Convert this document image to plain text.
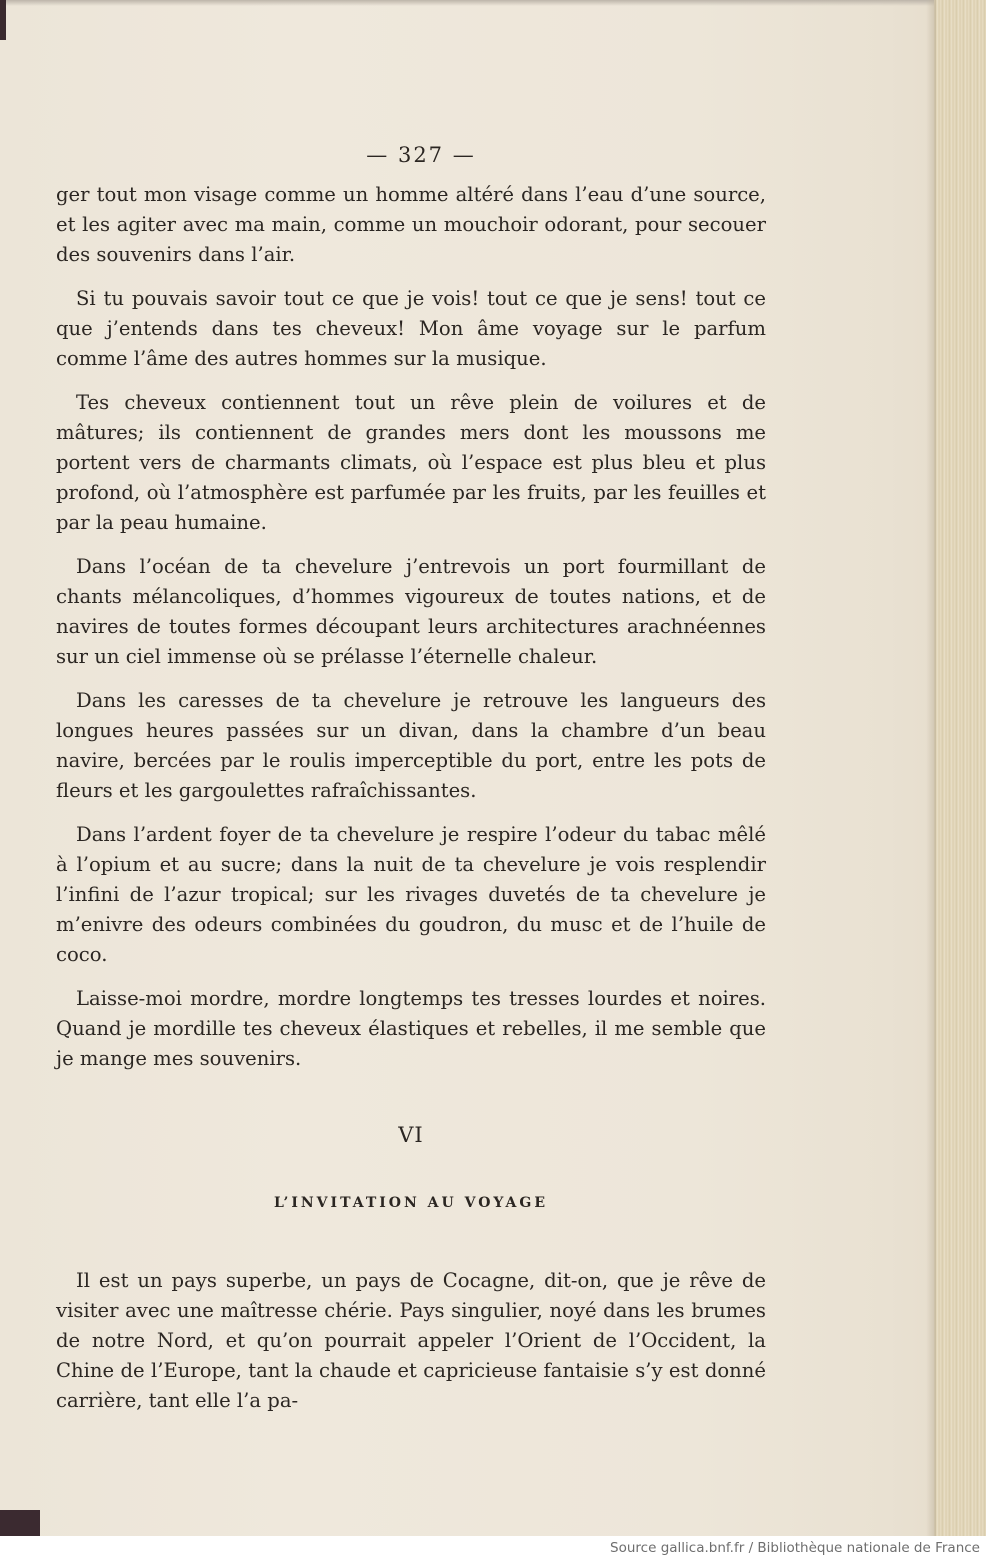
— 327 —

ger tout mon visage comme un homme altéré dans l’eau d’une source, et les agiter avec ma main, comme un mouchoir odorant, pour secouer des souvenirs dans l’air.

Si tu pouvais savoir tout ce que je vois! tout ce que je sens! tout ce que j’entends dans tes cheveux! Mon âme voyage sur le parfum comme l’âme des autres hommes sur la musique.

Tes cheveux contiennent tout un rêve plein de voilures et de mâtures; ils contiennent de grandes mers dont les moussons me portent vers de charmants climats, où l’espace est plus bleu et plus profond, où l’atmosphère est parfumée par les fruits, par les feuilles et par la peau humaine.

Dans l’océan de ta chevelure j’entrevois un port fourmillant de chants mélancoliques, d’hommes vigoureux de toutes nations, et de navires de toutes formes découpant leurs architectures arachnéennes sur un ciel immense où se prélasse l’éternelle chaleur.

Dans les caresses de ta chevelure je retrouve les langueurs des longues heures passées sur un divan, dans la chambre d’un beau navire, bercées par le roulis imperceptible du port, entre les pots de fleurs et les gargoulettes rafraîchissantes.

Dans l’ardent foyer de ta chevelure je respire l’odeur du tabac mêlé à l’opium et au sucre; dans la nuit de ta chevelure je vois resplendir l’infini de l’azur tropical; sur les rivages duvetés de ta chevelure je m’enivre des odeurs combinées du goudron, du musc et de l’huile de coco.

Laisse-moi mordre, mordre longtemps tes tresses lourdes et noires. Quand je mordille tes cheveux élastiques et rebelles, il me semble que je mange mes souvenirs.

VI
L’INVITATION AU VOYAGE

Il est un pays superbe, un pays de Cocagne, dit-on, que je rêve de visiter avec une maîtresse chérie. Pays singulier, noyé dans les brumes de notre Nord, et qu’on pourrait appeler l’Orient de l’Occident, la Chine de l’Europe, tant la chaude et capricieuse fantaisie s’y est donné carrière, tant elle l’a pa-

Source gallica.bnf.fr / Bibliothèque nationale de France
